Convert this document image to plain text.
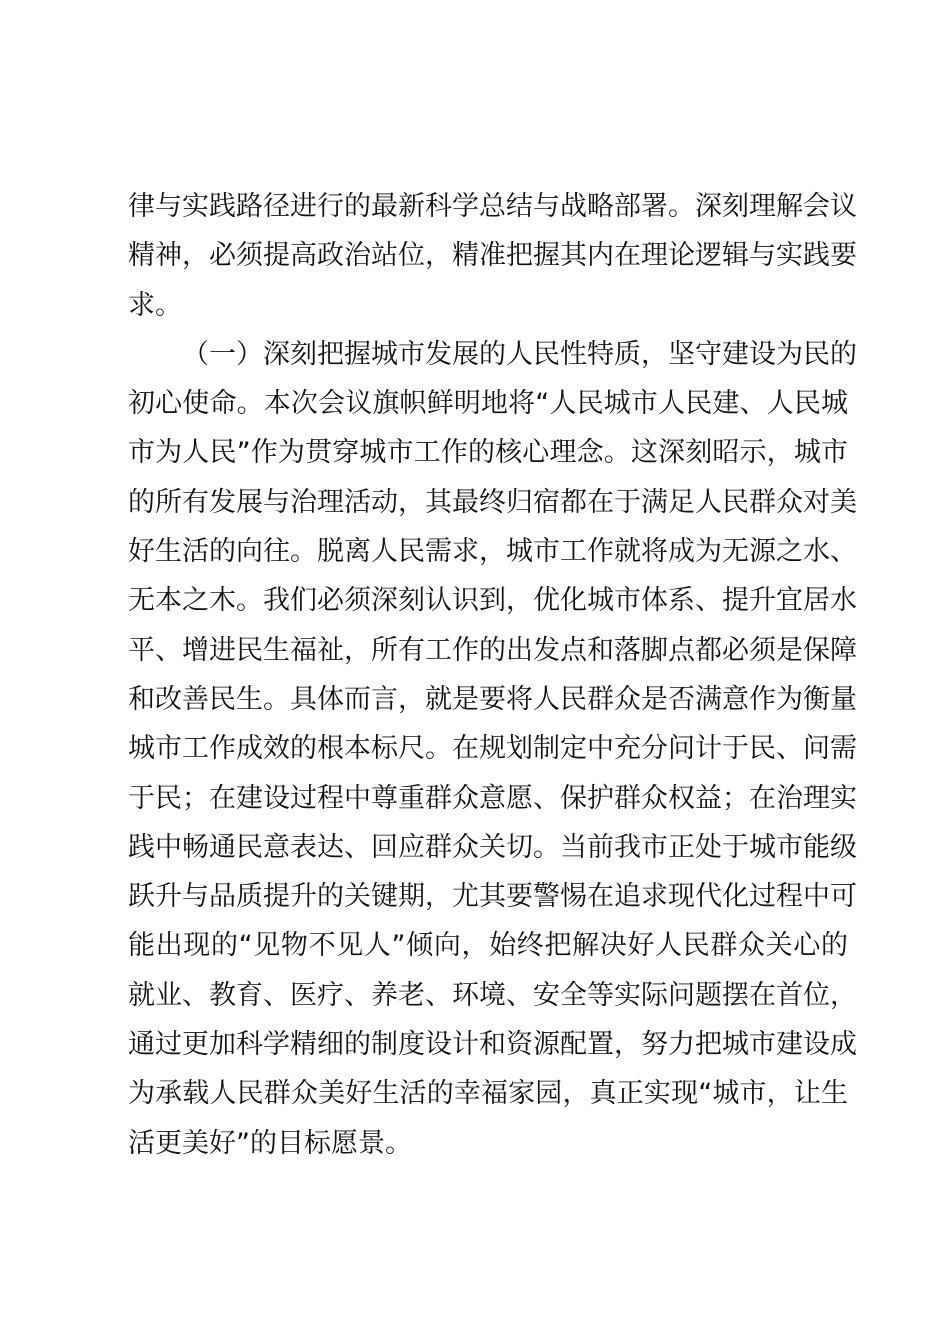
律与实践路径进行的最新科学总结与战略部署。深刻理解会议
精神，必须提高政治站位，精准把握其内在理论逻辑与实践要
求。
（一）深刻把握城市发展的人民性特质，坚守建设为民的
初心使命。本次会议旗帜鲜明地将“人民城市人民建、人民城
市为人民”作为贯穿城市工作的核心理念。这深刻昭示，城市
的所有发展与治理活动，其最终归宿都在于满足人民群众对美
好生活的向往。脱离人民需求，城市工作就将成为无源之水、
无本之木。我们必须深刻认识到，优化城市体系、提升宜居水
平、增进民生福祉，所有工作的出发点和落脚点都必须是保障
和改善民生。具体而言，就是要将人民群众是否满意作为衡量
城市工作成效的根本标尺。在规划制定中充分问计于民、问需
于民；在建设过程中尊重群众意愿、保护群众权益；在治理实
践中畅通民意表达、回应群众关切。当前我市正处于城市能级
跃升与品质提升的关键期，尤其要警惕在追求现代化过程中可
能出现的“见物不见人”倾向，始终把解决好人民群众关心的
就业、教育、医疗、养老、环境、安全等实际问题摆在首位，
通过更加科学精细的制度设计和资源配置，努力把城市建设成
为承载人民群众美好生活的幸福家园，真正实现“城市，让生
活更美好”的目标愿景。
